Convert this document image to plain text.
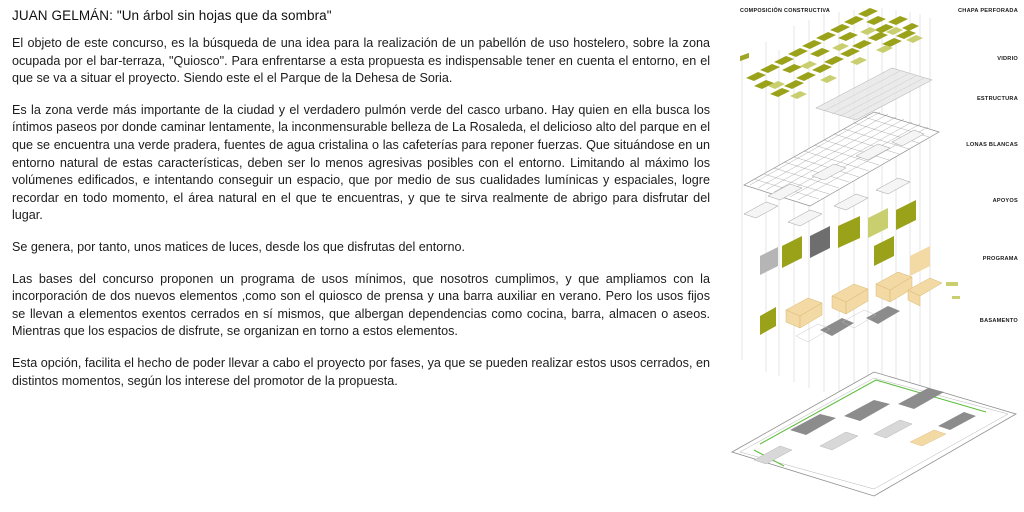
JUAN GELMÁN: "Un árbol sin hojas que da sombra"

El objeto de este concurso, es la búsqueda de una idea para la realización de un pabellón de uso hostelero, sobre la zona ocupada por el bar-terraza, "Quiosco". Para enfrentarse a esta propuesta es indispensable tener en cuenta el entorno, en el que se va a situar el proyecto. Siendo este el el Parque de la Dehesa de Soria.

Es la zona verde más importante de la ciudad y el verdadero pulmón verde del casco urbano. Hay quien en ella busca los íntimos paseos por donde caminar lentamente, la inconmensurable belleza de La Rosaleda, el delicioso alto del parque en el que se encuentra una verde pradera, fuentes de agua cristalina o las cafeterías para reponer fuerzas. Que situándose en un entorno natural de estas características, deben ser lo menos agresivas posibles con el entorno. Limitando al máximo los volúmenes edificados, e intentando conseguir un espacio, que por medio de sus cualidades lumínicas y espaciales, logre recordar en todo momento, el área natural en el que te encuentras, y que te sirva realmente de abrigo para disfrutar del lugar.

Se genera, por tanto, unos matices de luces, desde los que disfrutas del entorno.

Las bases del concurso proponen un programa de usos mínimos, que nosotros cumplimos, y que ampliamos con la incorporación de dos nuevos elementos ,como son el quiosco de prensa y una barra auxiliar en verano. Pero los usos fijos se llevan a elementos exentos cerrados en sí mismos, que albergan dependencias como cocina, barra, almacen o aseos. Mientras que los espacios de disfrute, se organizan en torno a estos elementos.

Esta opción, facilita el hecho de poder llevar a cabo el proyecto por fases, ya que se pueden realizar estos usos cerrados, en distintos momentos, según los interese del promotor de la propuesta.

COMPOSICIÓN CONSTRUCTIVA	CHAPA PERFORADA
VIDRIO
ESTRUCTURA
LONAS BLANCAS
APOYOS
PROGRAMA
BASAMENTO
